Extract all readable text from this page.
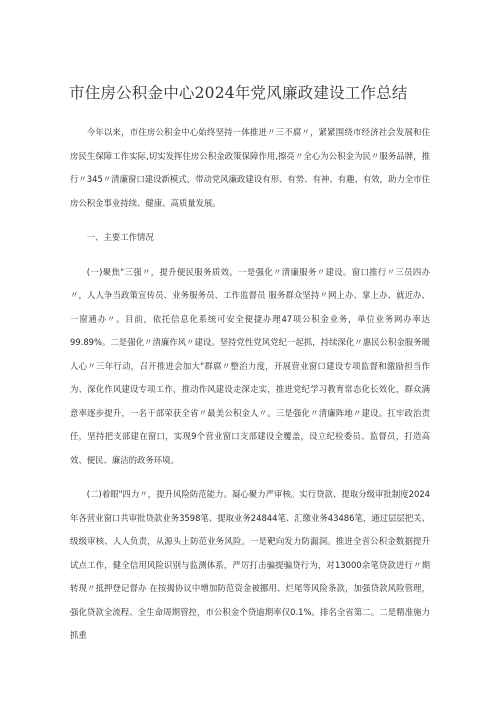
市住房公积金中心2024年党风廉政建设工作总结

今年以来，市住房公积金中心始终坚持一体推进〃三不腐〃，紧紧围绕市经济社会发展和住房民生保障工作实际,切实发挥住房公积金政策保障作用,擦亮〃全心为公积金为民〃服务品牌，推行〃345〃清廉窗口建设新模式，带动党风廉政建设有形、有势、有神、有趣、有效，助力全市住房公积金事业持续、健康、高质量发展。

一、主要工作情况

(一)聚焦"三强〃，提升便民服务质效。一是强化〃清廉服务〃建设。窗口推行〃三员四办〃，人人争当政策宣传员、业务服务员、工作监督员 服务群众坚持〃网上办、掌上办、就近办、一窗通办〃。目前，依托信息化系统可安全便捷办理47项公积金业务，单位业务网办率达99.89%。二是强化〃清廉作风〃建设。坚持党性党风党纪一起抓，持续深化〃惠民公积金服务暖人心〃三年行动，召开推进会加大"群腐〃整治力度，开展营业窗口建设专项监督和激励担当作为、深化作风建设专项工作，推动作风建设走深走实，推进党纪学习教育常态化长效化，群众满意率逐步提升，一名干部荣获全省〃最美公积金人〃。三是强化〃清廉阵地〃建设。扛牢政治责任，坚持把支部建在窗口，实现9个营业窗口支部建设全覆盖，设立纪检委员、监督员，打造高效、便民、廉洁的政务环境。

(二)着眼"四力〃，提升风险防范能力。凝心聚力严审核。实行贷款、提取分级审批制度2024年各营业窗口共审批贷款业务3598笔、提取业务24844笔、汇缴业务43486笔，通过层层把关、级级审核、人人负责，从源头上防范业务风险。一是靶向发力防漏洞。推进全省公积金数据提升试点工作，健全信用风险识别与监测体系，严厉打击骗提骗贷行为，对13000余笔贷款进行〃期转现〃抵押登记督办 在按揭协议中增加防范资金被挪用、烂尾等风险条款，加强贷款风险管理，强化贷款全流程、全生命周期管控，市公积金个贷逾期率仅0.1%。排名全省第二。二是精准施力抓重
